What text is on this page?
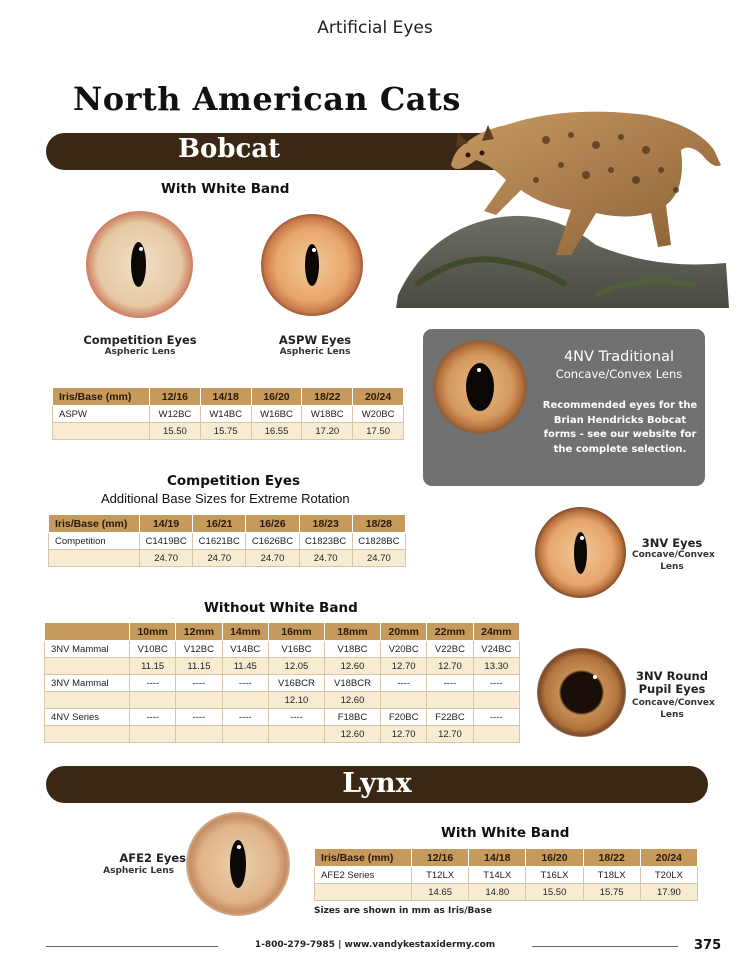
Artificial Eyes
North American Cats
Bobcat
With White Band
Competition Eyes
Aspheric Lens
ASPW Eyes
Aspheric Lens
Iris/Base (mm)	12/16	14/18	16/20	18/22	20/24
ASPW	W12BC	W14BC	W16BC	W18BC	W20BC
	15.50	15.75	16.55	17.20	17.50
4NV Traditional
Concave/Convex Lens
Recommended eyes for the Brian Hendricks Bobcat forms - see our website for the complete selection.
Competition Eyes
Additional Base Sizes for Extreme Rotation
Iris/Base (mm)	14/19	16/21	16/26	18/23	18/28
Competition	C1419BC	C1621BC	C1626BC	C1823BC	C1828BC
	24.70	24.70	24.70	24.70	24.70
3NV Eyes
Concave/Convex Lens
Without White Band
	10mm	12mm	14mm	16mm	18mm	20mm	22mm	24mm
3NV Mammal	V10BC	V12BC	V14BC	V16BC	V18BC	V20BC	V22BC	V24BC
	11.15	11.15	11.45	12.05	12.60	12.70	12.70	13.30
3NV Mammal	----	----	----	V16BCR	V18BCR	----	----	----
				12.10	12.60			
4NV Series	----	----	----	----	F18BC	F20BC	F22BC	----
					12.60	12.70	12.70	
3NV Round Pupil Eyes
Concave/Convex Lens
Lynx
AFE2 Eyes
Aspheric Lens
With White Band
Iris/Base (mm)	12/16	14/18	16/20	18/22	20/24
AFE2 Series	T12LX	T14LX	T16LX	T18LX	T20LX
	14.65	14.80	15.50	15.75	17.90
Sizes are shown in mm as Iris/Base
1-800-279-7985 | www.vandykestaxidermy.com	375
